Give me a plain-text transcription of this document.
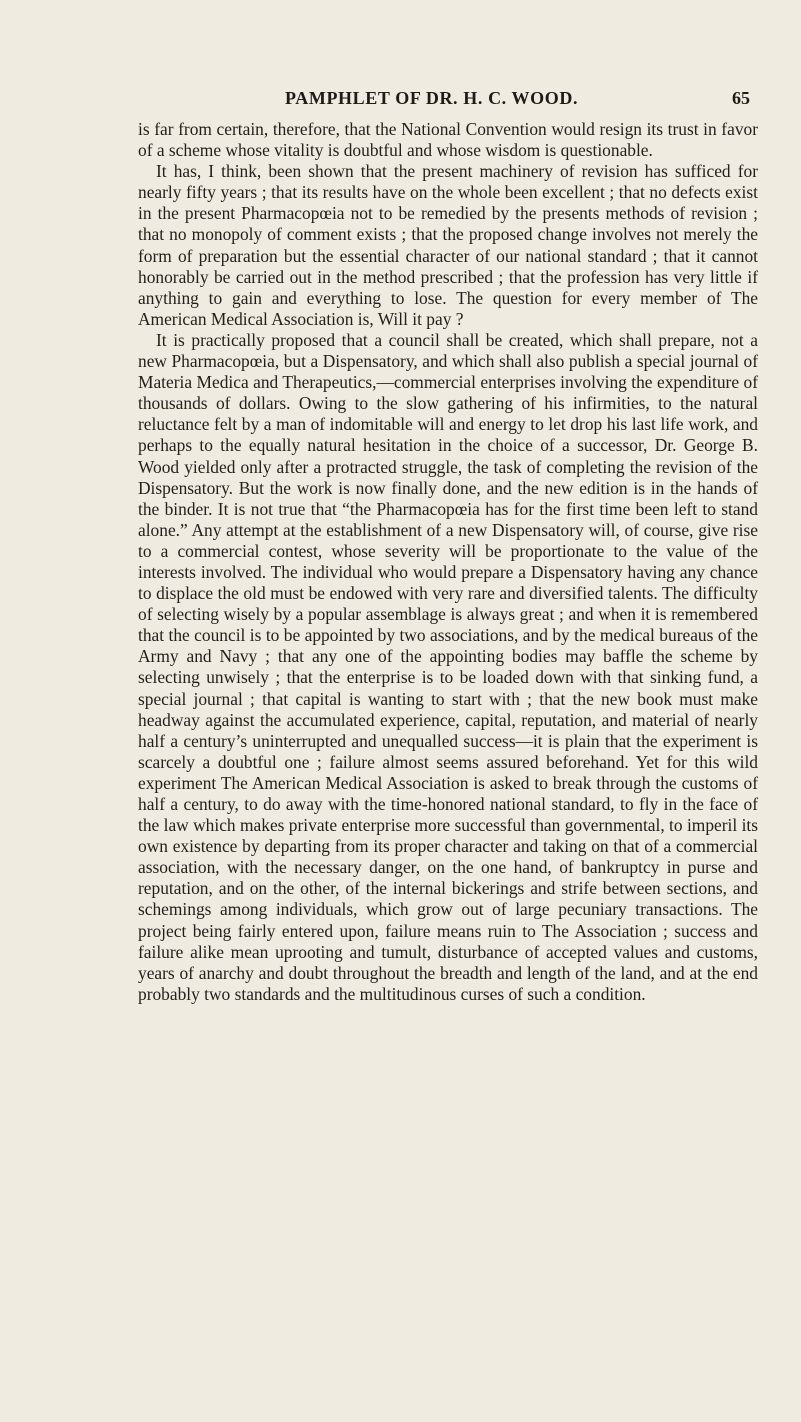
PAMPHLET OF DR. H. C. WOOD.	65

is far from certain, therefore, that the National Convention would resign its trust in favor of a scheme whose vitality is doubtful and whose wisdom is questionable.

It has, I think, been shown that the present machinery of revision has sufficed for nearly fifty years ; that its results have on the whole been excellent ; that no defects exist in the present Pharmacopœia not to be remedied by the presents methods of revision ; that no monopoly of comment exists ; that the proposed change involves not merely the form of preparation but the essential character of our national standard ; that it cannot honorably be carried out in the method prescribed ; that the profession has very little if anything to gain and everything to lose. The question for every member of The American Medical Association is, Will it pay ?

It is practically proposed that a council shall be created, which shall prepare, not a new Pharmacopœia, but a Dispensatory, and which shall also publish a special journal of Materia Medica and Therapeutics,—commercial enterprises involving the expenditure of thousands of dollars. Owing to the slow gathering of his infirmities, to the natural reluctance felt by a man of indomitable will and energy to let drop his last life work, and perhaps to the equally natural hesitation in the choice of a successor, Dr. George B. Wood yielded only after a protracted struggle, the task of completing the revision of the Dispensatory. But the work is now finally done, and the new edition is in the hands of the binder. It is not true that “the Pharmacopœia has for the first time been left to stand alone.” Any attempt at the establishment of a new Dispensatory will, of course, give rise to a commercial contest, whose severity will be proportionate to the value of the interests involved. The individual who would prepare a Dispensatory having any chance to displace the old must be endowed with very rare and diversified talents. The difficulty of selecting wisely by a popular assemblage is always great ; and when it is remembered that the council is to be appointed by two associations, and by the medical bureaus of the Army and Navy ; that any one of the appointing bodies may baffle the scheme by selecting unwisely ; that the enterprise is to be loaded down with that sinking fund, a special journal ; that capital is wanting to start with ; that the new book must make headway against the accumulated experience, capital, reputation, and material of nearly half a century’s uninterrupted and unequalled success—it is plain that the experiment is scarcely a doubtful one ; failure almost seems assured beforehand. Yet for this wild experiment The American Medical Association is asked to break through the customs of half a century, to do away with the time-honored national standard, to fly in the face of the law which makes private enterprise more successful than governmental, to imperil its own existence by departing from its proper character and taking on that of a commercial association, with the necessary danger, on the one hand, of bankruptcy in purse and reputation, and on the other, of the internal bickerings and strife between sections, and schemings among individuals, which grow out of large pecuniary transactions. The project being fairly entered upon, failure means ruin to The Association ; success and failure alike mean uprooting and tumult, disturbance of accepted values and customs, years of anarchy and doubt throughout the breadth and length of the land, and at the end probably two standards and the multitudinous curses of such a condition.
